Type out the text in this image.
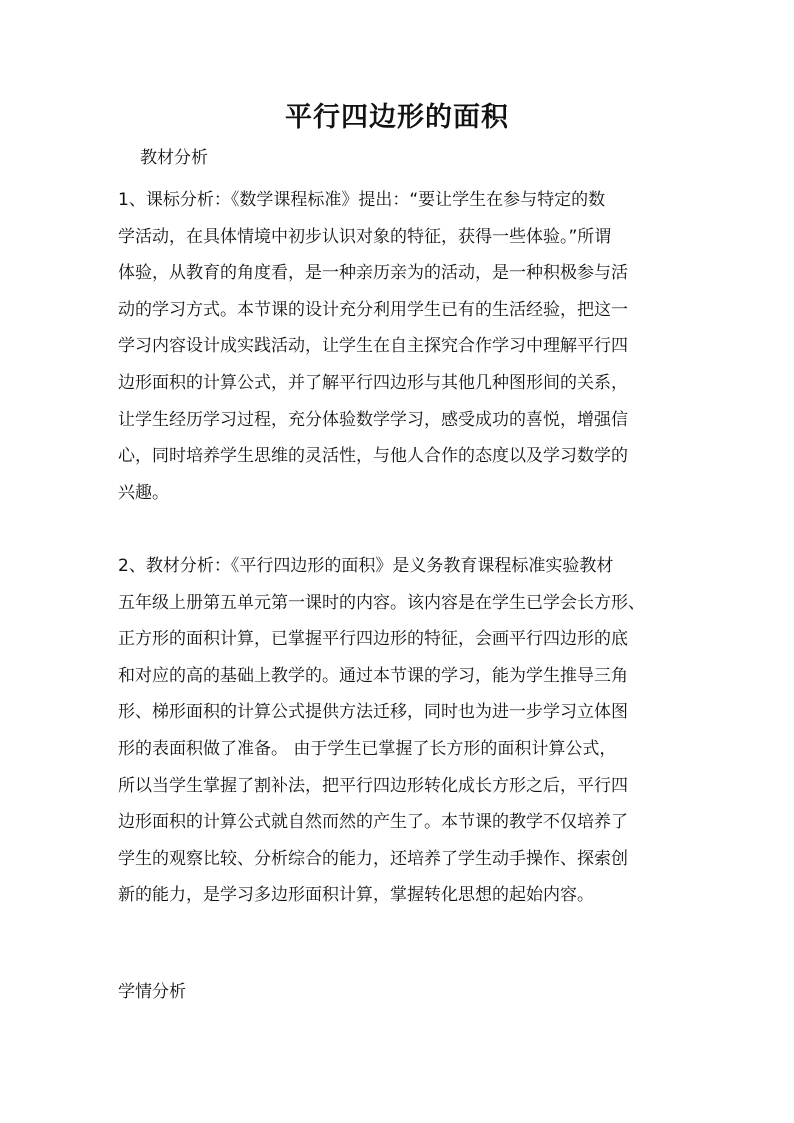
平行四边形的面积

教材分析

1、课标分析：《数学课程标准》提出：“要让学生在参与特定的数
学活动，在具体情境中初步认识对象的特征，获得一些体验。”所谓
体验，从教育的角度看，是一种亲历亲为的活动，是一种积极参与活
动的学习方式。本节课的设计充分利用学生已有的生活经验，把这一
学习内容设计成实践活动，让学生在自主探究合作学习中理解平行四
边形面积的计算公式，并了解平行四边形与其他几种图形间的关系，
让学生经历学习过程，充分体验数学学习，感受成功的喜悦，增强信
心，同时培养学生思维的灵活性，与他人合作的态度以及学习数学的
兴趣。
2、教材分析：《平行四边形的面积》是义务教育课程标准实验教材
五年级上册第五单元第一课时的内容。该内容是在学生已学会长方形、
正方形的面积计算，已掌握平行四边形的特征，会画平行四边形的底
和对应的高的基础上教学的。通过本节课的学习，能为学生推导三角
形、梯形面积的计算公式提供方法迁移，同时也为进一步学习立体图
形的表面积做了准备。 由于学生已掌握了长方形的面积计算公式，
所以当学生掌握了割补法，把平行四边形转化成长方形之后，平行四
边形面积的计算公式就自然而然的产生了。本节课的教学不仅培养了
学生的观察比较、分析综合的能力，还培养了学生动手操作、探索创
新的能力，是学习多边形面积计算，掌握转化思想的起始内容。

学情分析
